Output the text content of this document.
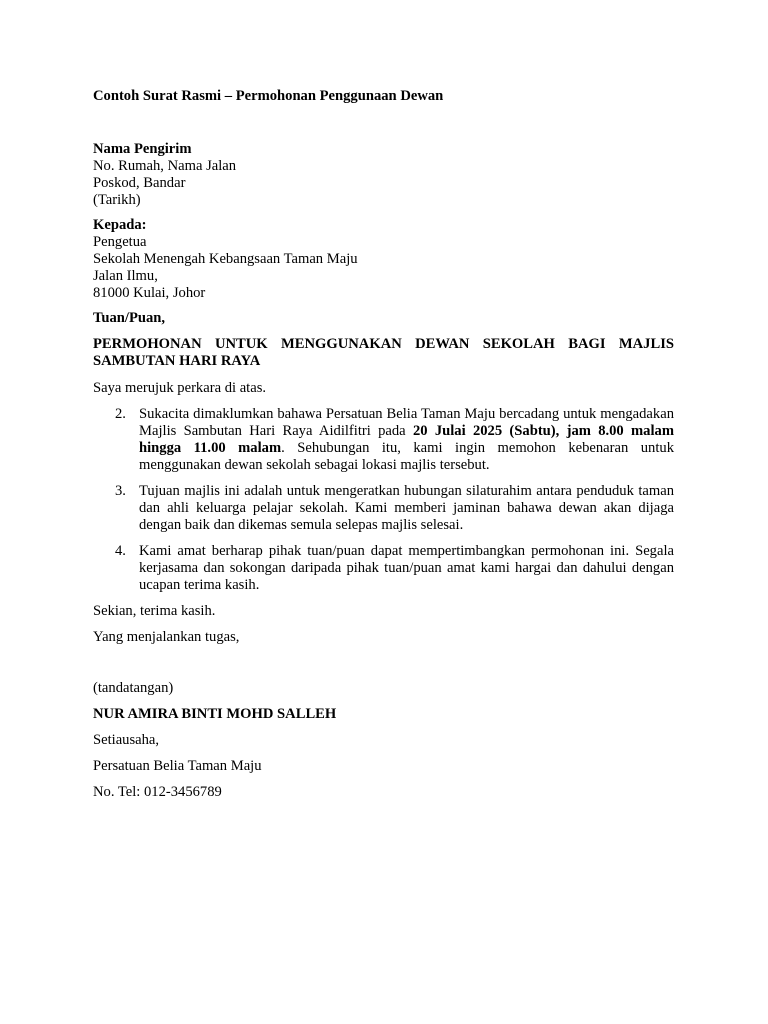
Contoh Surat Rasmi – Permohonan Penggunaan Dewan

Nama Pengirim
No. Rumah, Nama Jalan
Poskod, Bandar
(Tarikh)
Kepada:
Pengetua
Sekolah Menengah Kebangsaan Taman Maju
Jalan Ilmu,
81000 Kulai, Johor

Tuan/Puan,

PERMOHONAN UNTUK MENGGUNAKAN DEWAN SEKOLAH BAGI MAJLIS SAMBUTAN HARI RAYA

Saya merujuk perkara di atas.

2. Sukacita dimaklumkan bahawa Persatuan Belia Taman Maju bercadang untuk mengadakan Majlis Sambutan Hari Raya Aidilfitri pada 20 Julai 2025 (Sabtu), jam 8.00 malam hingga 11.00 malam. Sehubungan itu, kami ingin memohon kebenaran untuk menggunakan dewan sekolah sebagai lokasi majlis tersebut.
3. Tujuan majlis ini adalah untuk mengeratkan hubungan silaturahim antara penduduk taman dan ahli keluarga pelajar sekolah. Kami memberi jaminan bahawa dewan akan dijaga dengan baik dan dikemas semula selepas majlis selesai.
4. Kami amat berharap pihak tuan/puan dapat mempertimbangkan permohonan ini. Segala kerjasama dan sokongan daripada pihak tuan/puan amat kami hargai dan dahului dengan ucapan terima kasih.

Sekian, terima kasih.

Yang menjalankan tugas,

(tandatangan)

NUR AMIRA BINTI MOHD SALLEH

Setiausaha,

Persatuan Belia Taman Maju

No. Tel: 012-3456789
